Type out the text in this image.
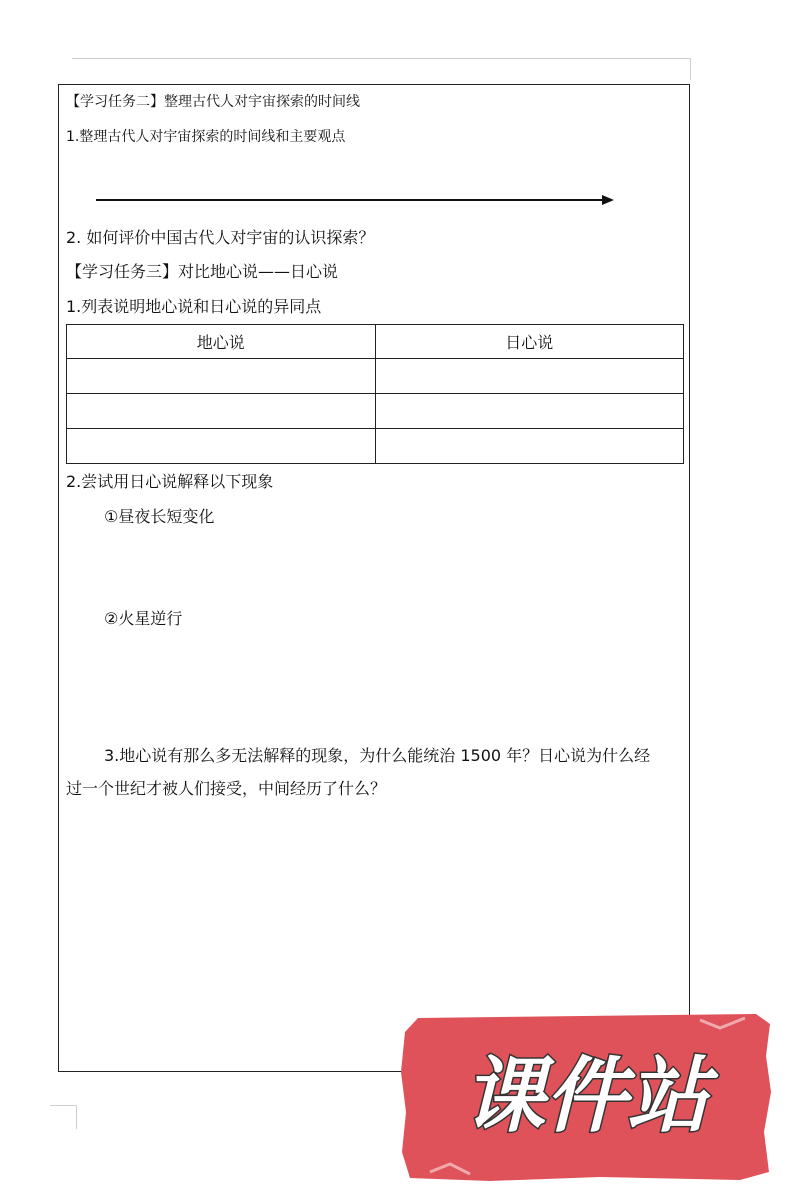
【学习任务二】整理古代人对宇宙探索的时间线
1.整理古代人对宇宙探索的时间线和主要观点
2. 如何评价中国古代人对宇宙的认识探索？
【学习任务三】对比地心说——日心说
1.列表说明地心说和日心说的异同点
地心说	日心说

2.尝试用日心说解释以下现象
①昼夜长短变化
②火星逆行
3.地心说有那么多无法解释的现象，为什么能统治 1500 年？日心说为什么经
过一个世纪才被人们接受，中间经历了什么？
课件站
